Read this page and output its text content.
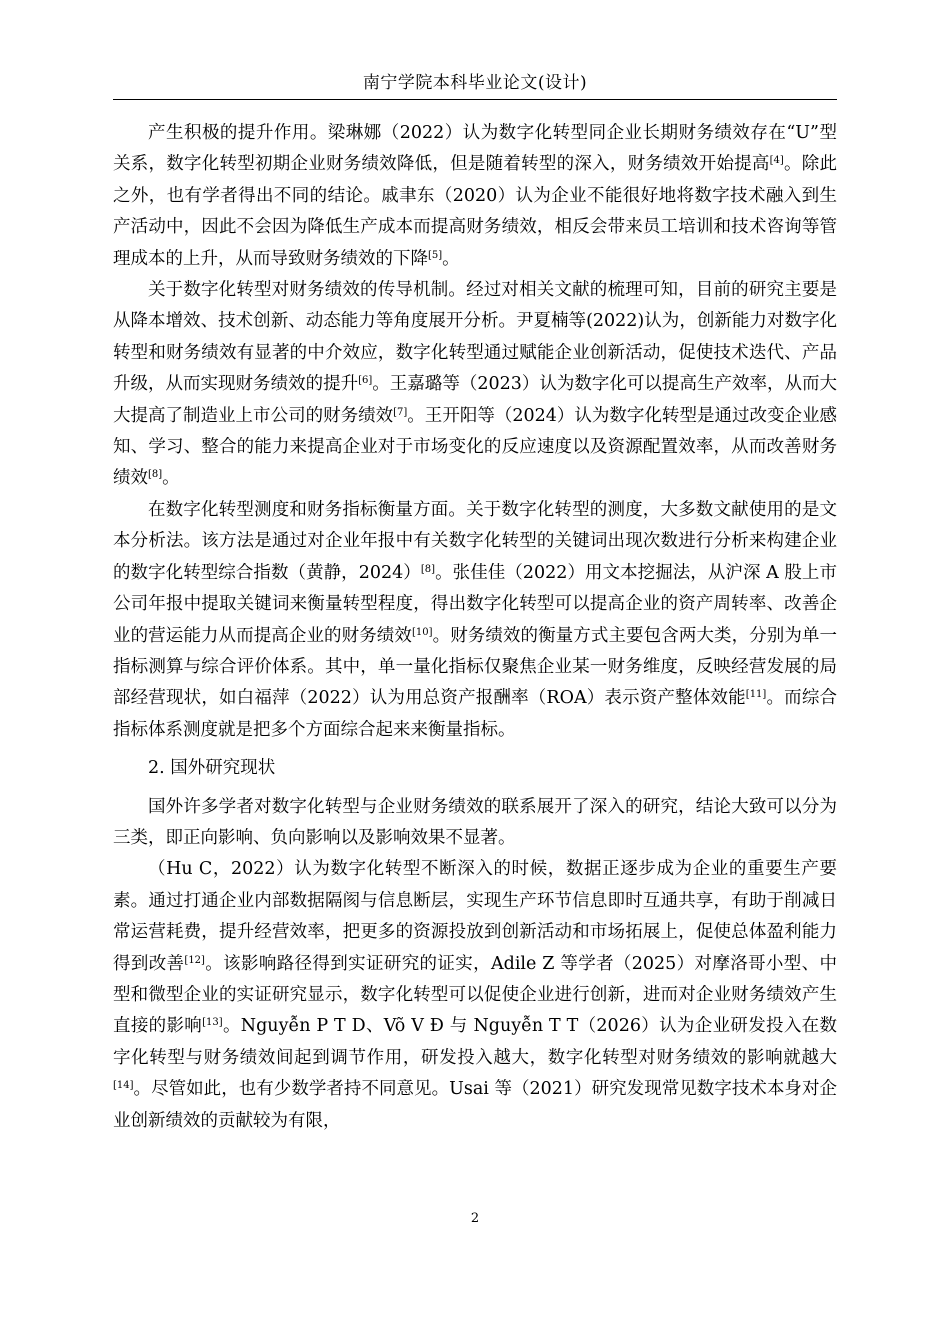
南宁学院本科毕业论文(设计)

产生积极的提升作用。梁琳娜（2022）认为数字化转型同企业长期财务绩效存在“U”型关系，数字化转型初期企业财务绩效降低，但是随着转型的深入，财务绩效开始提高[4]。除此之外，也有学者得出不同的结论。戚聿东（2020）认为企业不能很好地将数字技术融入到生产活动中，因此不会因为降低生产成本而提高财务绩效，相反会带来员工培训和技术咨询等管理成本的上升，从而导致财务绩效的下降[5]。

关于数字化转型对财务绩效的传导机制。经过对相关文献的梳理可知，目前的研究主要是从降本增效、技术创新、动态能力等角度展开分析。尹夏楠等(2022)认为，创新能力对数字化转型和财务绩效有显著的中介效应，数字化转型通过赋能企业创新活动，促使技术迭代、产品升级，从而实现财务绩效的提升[6]。王嘉璐等（2023）认为数字化可以提高生产效率，从而大大提高了制造业上市公司的财务绩效[7]。王开阳等（2024）认为数字化转型是通过改变企业感知、学习、整合的能力来提高企业对于市场变化的反应速度以及资源配置效率，从而改善财务绩效[8]。

在数字化转型测度和财务指标衡量方面。关于数字化转型的测度，大多数文献使用的是文本分析法。该方法是通过对企业年报中有关数字化转型的关键词出现次数进行分析来构建企业的数字化转型综合指数（黄静，2024）[8]。张佳佳（2022）用文本挖掘法，从沪深 A 股上市公司年报中提取关键词来衡量转型程度，得出数字化转型可以提高企业的资产周转率、改善企业的营运能力从而提高企业的财务绩效[10]。财务绩效的衡量方式主要包含两大类，分别为单一指标测算与综合评价体系。其中，单一量化指标仅聚焦企业某一财务维度，反映经营发展的局部经营现状，如白福萍（2022）认为用总资产报酬率（ROA）表示资产整体效能[11]。而综合指标体系测度就是把多个方面综合起来来衡量指标。

2. 国外研究现状

国外许多学者对数字化转型与企业财务绩效的联系展开了深入的研究，结论大致可以分为三类，即正向影响、负向影响以及影响效果不显著。

（Hu C，2022）认为数字化转型不断深入的时候，数据正逐步成为企业的重要生产要素。通过打通企业内部数据隔阂与信息断层，实现生产环节信息即时互通共享，有助于削减日常运营耗费，提升经营效率，把更多的资源投放到创新活动和市场拓展上，促使总体盈利能力得到改善[12]。该影响路径得到实证研究的证实，Adile Z 等学者（2025）对摩洛哥小型、中型和微型企业的实证研究显示，数字化转型可以促使企业进行创新，进而对企业财务绩效产生直接的影响[13]。Nguyễn P T D、Võ V Đ 与 Nguyễn T T（2026）认为企业研发投入在数字化转型与财务绩效间起到调节作用，研发投入越大，数字化转型对财务绩效的影响就越大[14]。尽管如此，也有少数学者持不同意见。Usai 等（2021）研究发现常见数字技术本身对企业创新绩效的贡献较为有限，

2
